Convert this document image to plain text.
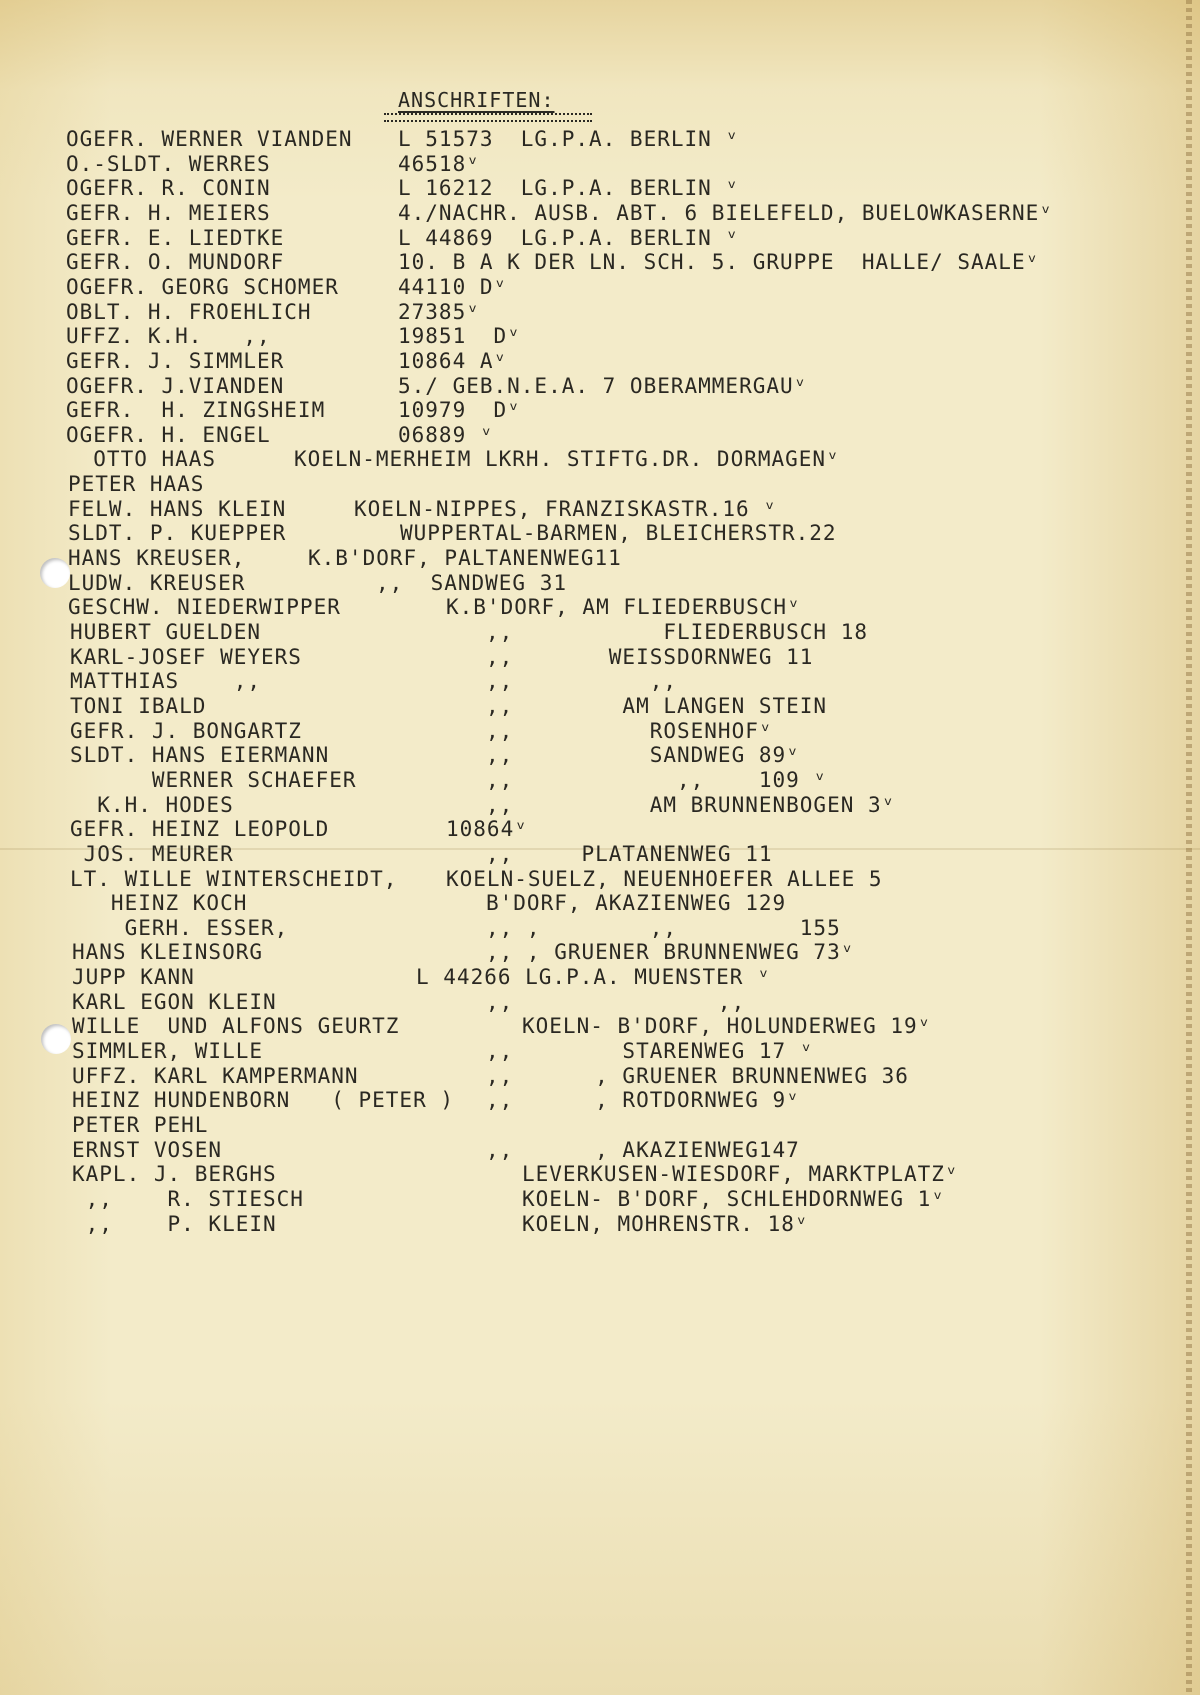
ANSCHRIFTEN:

OGEFR. WERNER VIANDEN L 51573  LG.P.A. BERLIN ᵛ
O.-SLDT. WERRES	46518ᵛ
OGEFR. R. CONIN	L 16212  LG.P.A. BERLIN ᵛ
GEFR. H. MEIERS	4./NACHR. AUSB. ABT. 6 BIELEFELD, BUELOWKASERNEᵛ
GEFR. E. LIEDTKE	L 44869  LG.P.A. BERLIN ᵛ
GEFR. O. MUNDORF	10. B A K DER LN. SCH. 5. GRUPPE  HALLE/ SAALEᵛ
OGEFR. GEORG SCHOMER	44110 Dᵛ
OBLT. H. FROEHLICH	27385ᵛ
UFFZ. K.H.   ,,	19851  Dᵛ
GEFR. J. SIMMLER	10864 Aᵛ
OGEFR. J.VIANDEN	5./ GEB.N.E.A. 7 OBERAMMERGAUᵛ
GEFR.  H. ZINGSHEIM	10979  Dᵛ
OGEFR. H. ENGEL	06889 ᵛ
OTTO HAAS	KOELN-MERHEIM LKRH. STIFTG.DR. DORMAGENᵛ
PETER HAAS
FELW. HANS KLEIN	KOELN-NIPPES, FRANZISKASTR.16 ᵛ
SLDT. P. KUEPPER	WUPPERTAL-BARMEN, BLEICHERSTR.22
HANS KREUSER,	K.B'DORF, PALTANENWEG11
LUDW. KREUSER	,,  SANDWEG 31
GESCHW. NIEDERWIPPER	K.B'DORF, AM FLIEDERBUSCHᵛ
HUBERT GUELDEN	,,           FLIEDERBUSCH 18
KARL-JOSEF WEYERS	,,       WEISSDORNWEG 11
MATTHIAS    ,,	,,          ,,
TONI IBALD	,,        AM LANGEN STEIN
GEFR. J. BONGARTZ	,,          ROSENHOFᵛ
SLDT. HANS EIERMANN	,,          SANDWEG 89ᵛ
WERNER SCHAEFER	,,            ,,    109 ᵛ
K.H. HODES	,,          AM BRUNNENBOGEN 3ᵛ
GEFR. HEINZ LEOPOLD	10864ᵛ
JOS. MEURER	,,     PLATANENWEG 11
LT. WILLE WINTERSCHEIDT, KOELN-SUELZ, NEUENHOEFER ALLEE 5
HEINZ KOCH	B'DORF, AKAZIENWEG 129
GERH. ESSER,	,, ,        ,,         155
HANS KLEINSORG	,, , GRUENER BRUNNENWEG 73ᵛ
JUPP KANN	L 44266 LG.P.A. MUENSTER ᵛ
KARL EGON KLEIN	,,               ,,
WILLE  UND ALFONS GEURTZ	KOELN- B'DORF, HOLUNDERWEG 19ᵛ
SIMMLER, WILLE	,,        STARENWEG 17 ᵛ
UFFZ. KARL KAMPERMANN	,,      , GRUENER BRUNNENWEG 36
HEINZ HUNDENBORN   ( PETER ) ,,      , ROTDORNWEG 9ᵛ
PETER PEHL
ERNST VOSEN	,,      , AKAZIENWEG147
KAPL. J. BERGHS	LEVERKUSEN-WIESDORF, MARKTPLATZᵛ
,,    R. STIESCH	KOELN- B'DORF, SCHLEHDORNWEG 1ᵛ
,,    P. KLEIN	KOELN, MOHRENSTR. 18ᵛ
